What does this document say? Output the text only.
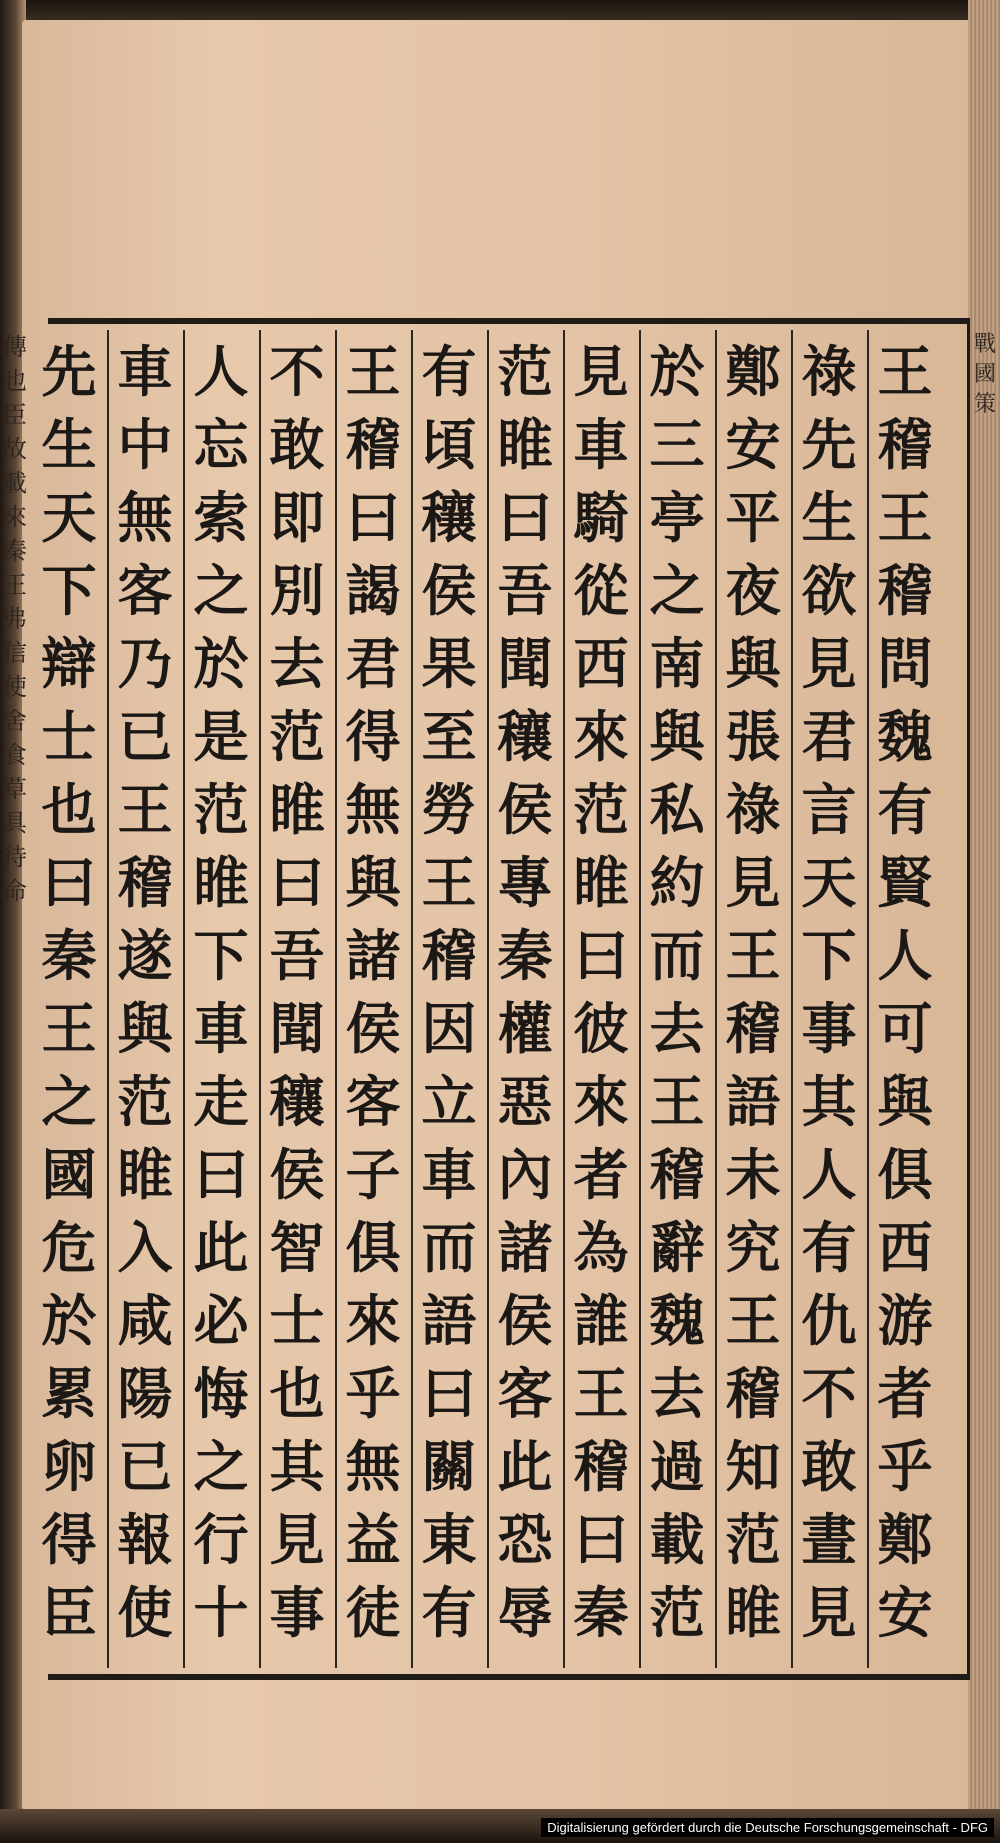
傳
也
臣
故
載
來
秦
王
弗
信
使
舍
食
草
具
待
命
戰
國
策
王
稽
王
稽
問
魏
有
賢
人
可
與
俱
西
游
者
乎
鄭
安
祿
先
生
欲
見
君
言
天
下
事
其
人
有
仇
不
敢
晝
見
鄭
安
平
夜
與
張
祿
見
王
稽
語
未
究
王
稽
知
范
睢
於
三
亭
之
南
與
私
約
而
去
王
稽
辭
魏
去
過
載
范
見
車
騎
從
西
來
范
睢
曰
彼
來
者
為
誰
王
稽
曰
秦
范
睢
曰
吾
聞
穰
侯
專
秦
權
惡
內
諸
侯
客
此
恐
辱
有
頃
穰
侯
果
至
勞
王
稽
因
立
車
而
語
曰
關
東
有
王
稽
曰
謁
君
得
無
與
諸
侯
客
子
俱
來
乎
無
益
徒
不
敢
即
別
去
范
睢
曰
吾
聞
穰
侯
智
士
也
其
見
事
人
忘
索
之
於
是
范
睢
下
車
走
曰
此
必
悔
之
行
十
車
中
無
客
乃
已
王
稽
遂
與
范
睢
入
咸
陽
已
報
使
先
生
天
下
辯
士
也
曰
秦
王
之
國
危
於
累
卵
得
臣
Digitalisierung gefördert durch die Deutsche Forschungsgemeinschaft - DFG
